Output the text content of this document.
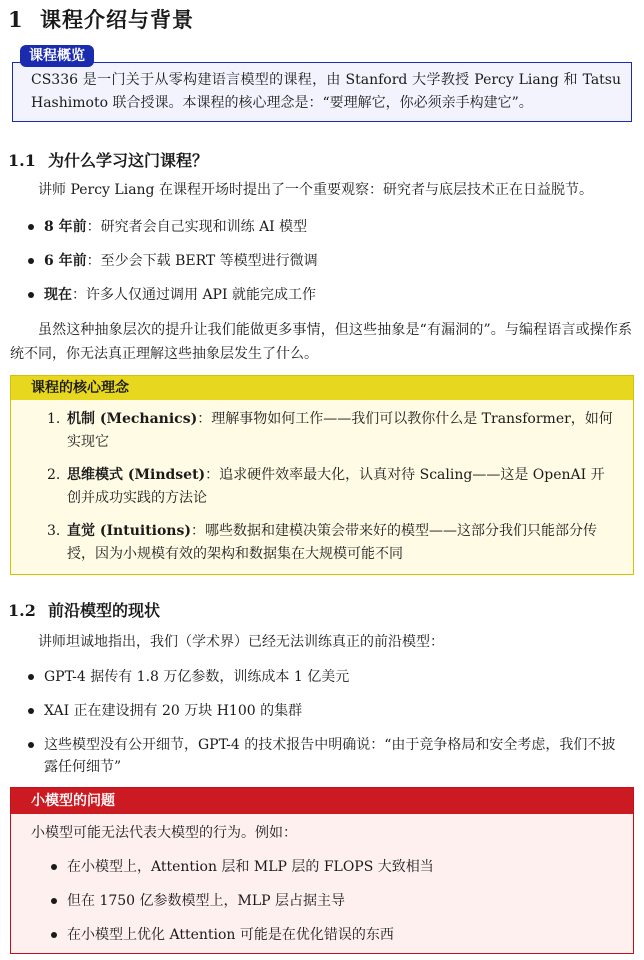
1 课程介绍与背景
CS336 是一门关于从零构建语言模型的课程，由 Stanford 大学教授 Percy Liang 和 Tatsu Hashimoto 联合授课。本课程的核心理念是：“要理解它，你必须亲手构建它”。
课程概览
1.1 为什么学习这门课程？
讲师 Percy Liang 在课程开场时提出了一个重要观察：研究者与底层技术正在日益脱节。
8 年前：研究者会自己实现和训练 AI 模型
6 年前：至少会下载 BERT 等模型进行微调
现在：许多人仅通过调用 API 就能完成工作
虽然这种抽象层次的提升让我们能做更多事情，但这些抽象是“有漏洞的”。与编程语言或操作系统不同，你无法真正理解这些抽象层发生了什么。
课程的核心理念
1. 机制 (Mechanics)：理解事物如何工作——我们可以教你什么是 Transformer，如何实现它
2. 思维模式 (Mindset)：追求硬件效率最大化，认真对待 Scaling——这是 OpenAI 开创并成功实践的方法论
3. 直觉 (Intuitions)：哪些数据和建模决策会带来好的模型——这部分我们只能部分传授，因为小规模有效的架构和数据集在大规模可能不同
1.2 前沿模型的现状
讲师坦诚地指出，我们（学术界）已经无法训练真正的前沿模型：
GPT-4 据传有 1.8 万亿参数，训练成本 1 亿美元
XAI 正在建设拥有 20 万块 H100 的集群
这些模型没有公开细节，GPT-4 的技术报告中明确说：“由于竞争格局和安全考虑，我们不披露任何细节”
小模型的问题
小模型可能无法代表大模型的行为。例如：
在小模型上，Attention 层和 MLP 层的 FLOPS 大致相当
但在 1750 亿参数模型上，MLP 层占据主导
在小模型上优化 Attention 可能是在优化错误的东西
